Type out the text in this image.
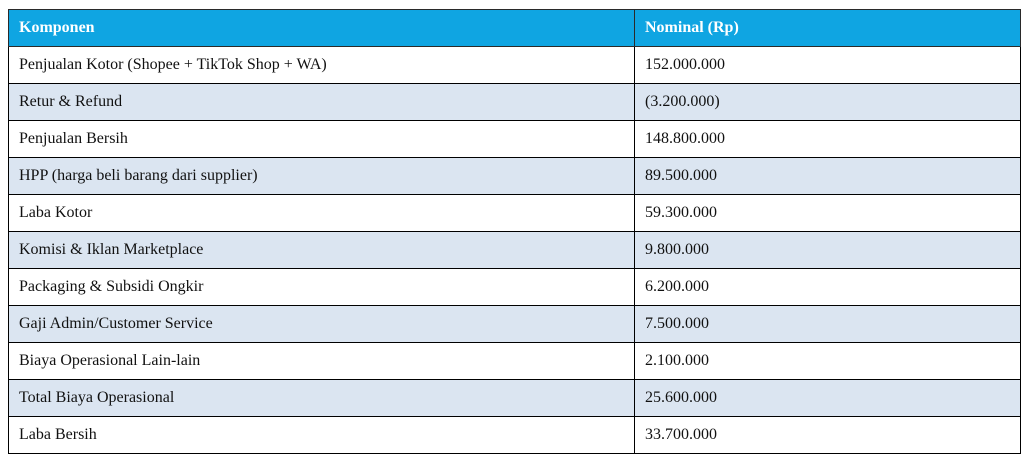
Komponen	Nominal (Rp)
Penjualan Kotor (Shopee + TikTok Shop + WA)	152.000.000
Retur & Refund	(3.200.000)
Penjualan Bersih	148.800.000
HPP (harga beli barang dari supplier)	89.500.000
Laba Kotor	59.300.000
Komisi & Iklan Marketplace	9.800.000
Packaging & Subsidi Ongkir	6.200.000
Gaji Admin/Customer Service	7.500.000
Biaya Operasional Lain-lain	2.100.000
Total Biaya Operasional	25.600.000
Laba Bersih	33.700.000
